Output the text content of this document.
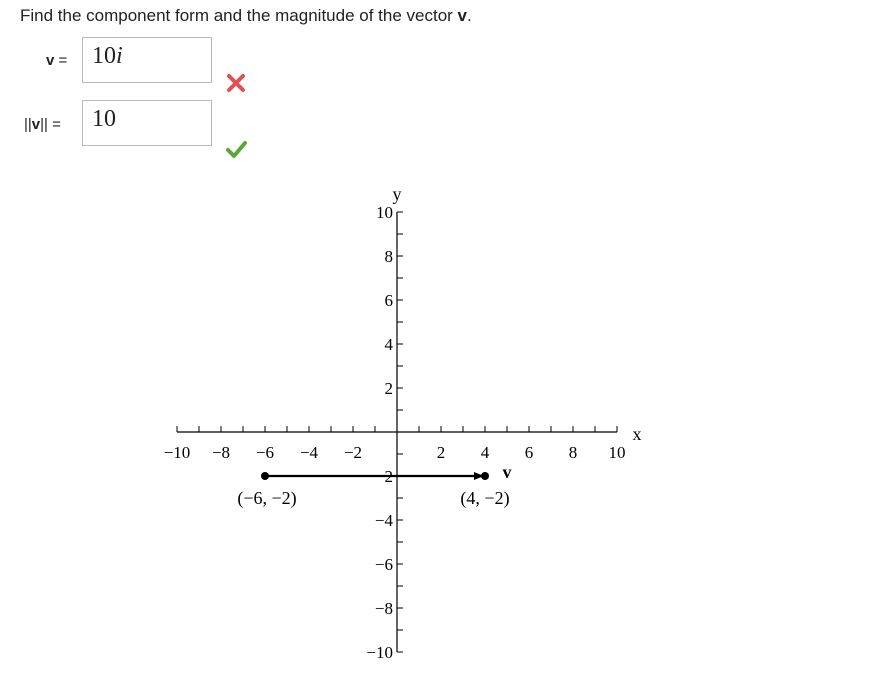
Find the component form and the magnitude of the vector v.
v =	10i
||v|| =	10
−10 −8 −6 −4 −2	2 4 6 8 10
10
8
6
4
2
−2
−4
−6
−8
−10
x
y
(−6, −2)	(4, −2)
v
